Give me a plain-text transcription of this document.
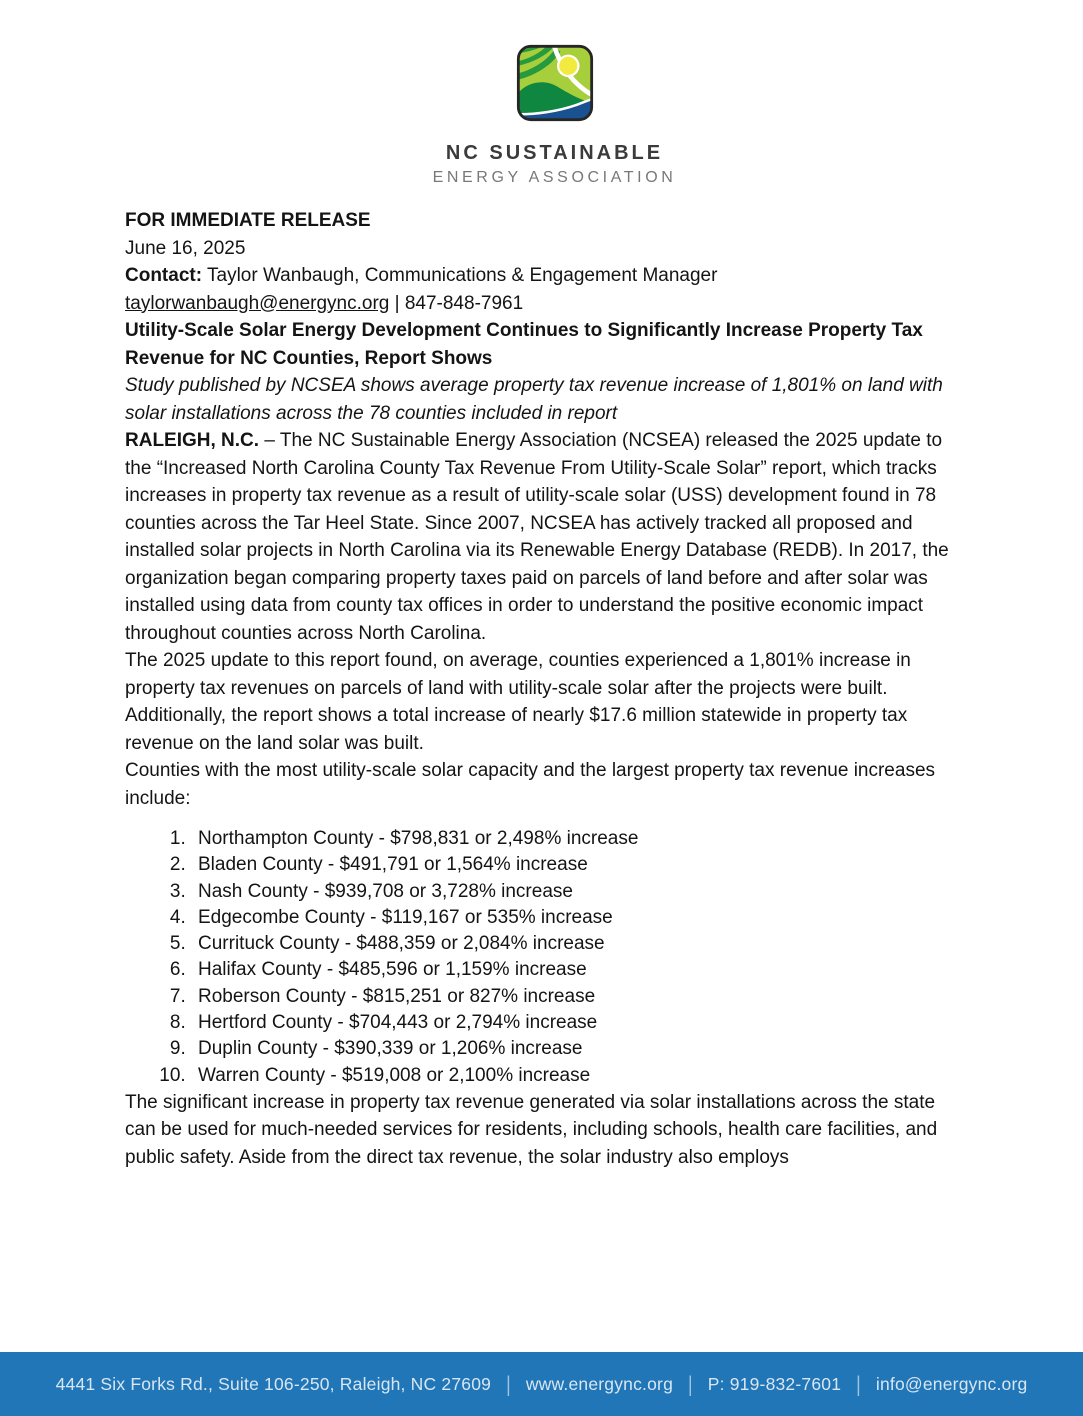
NC SUSTAINABLE
ENERGY ASSOCIATION

FOR IMMEDIATE RELEASE

June 16, 2025

Contact: Taylor Wanbaugh, Communications & Engagement Manager

taylorwanbaugh@energync.org | 847-848-7961

Utility-Scale Solar Energy Development Continues to Significantly Increase Property Tax Revenue for NC Counties, Report Shows

Study published by NCSEA shows average property tax revenue increase of 1,801% on land with solar installations across the 78 counties included in report

RALEIGH, N.C. – The NC Sustainable Energy Association (NCSEA) released the 2025 update to the “Increased North Carolina County Tax Revenue From Utility-Scale Solar” report, which tracks increases in property tax revenue as a result of utility-scale solar (USS) development found in 78 counties across the Tar Heel State. Since 2007, NCSEA has actively tracked all proposed and installed solar projects in North Carolina via its Renewable Energy Database (REDB). In 2017, the organization began comparing property taxes paid on parcels of land before and after solar was installed using data from county tax offices in order to understand the positive economic impact throughout counties across North Carolina.

The 2025 update to this report found, on average, counties experienced a 1,801% increase in property tax revenues on parcels of land with utility-scale solar after the projects were built. Additionally, the report shows a total increase of nearly $17.6 million statewide in property tax revenue on the land solar was built.

Counties with the most utility-scale solar capacity and the largest property tax revenue increases include:

1. Northampton County - $798,831 or 2,498% increase
2. Bladen County - $491,791 or 1,564% increase
3. Nash County - $939,708 or 3,728% increase
4. Edgecombe County - $119,167 or 535% increase
5. Currituck County - $488,359 or 2,084% increase
6. Halifax County - $485,596 or 1,159% increase
7. Roberson County - $815,251 or 827% increase
8. Hertford County - $704,443 or 2,794% increase
9. Duplin County - $390,339 or 1,206% increase
10. Warren County - $519,008 or 2,100% increase

The significant increase in property tax revenue generated via solar installations across the state can be used for much-needed services for residents, including schools, health care facilities, and public safety. Aside from the direct tax revenue, the solar industry also employs

4441 Six Forks Rd., Suite 106-250, Raleigh, NC 27609 | www.energync.org | P: 919-832-7601 | info@energync.org
